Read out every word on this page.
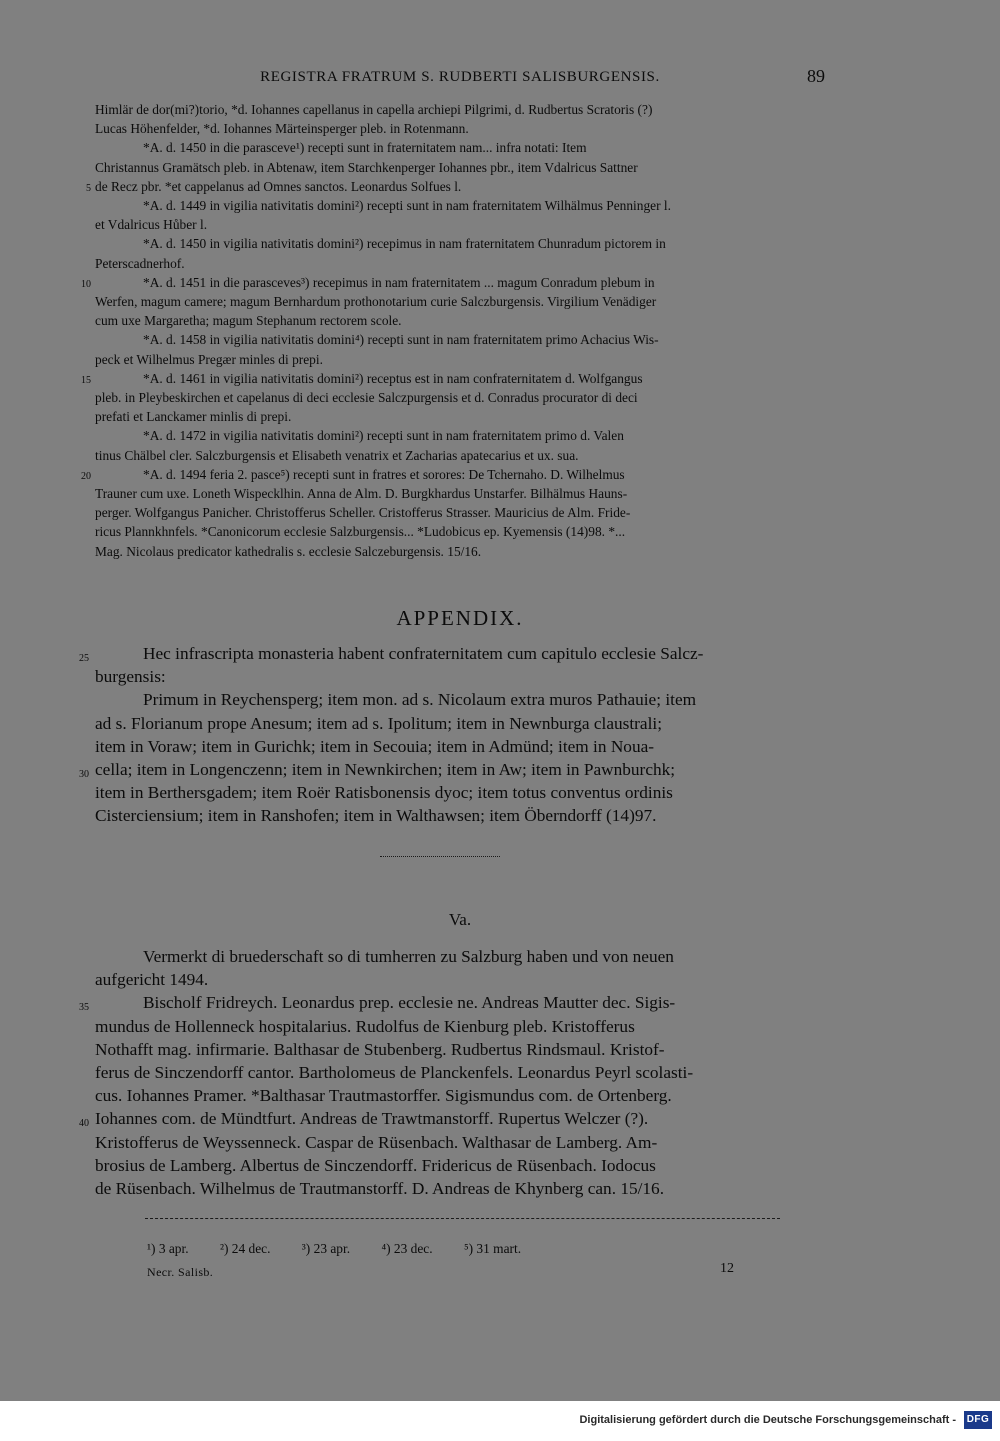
REGISTRA FRATRUM S. RUDBERTI SALISBURGENSIS.	89
Himlär de dor(mi?)torio, *d. Iohannes capellanus in capella archiepi Pilgrimi, d. Rudbertus Scratoris (?)
Lucas Höhenfelder, *d. Iohannes Märteinsperger pleb. in Rotenmann.
*A. d. 1450 in die parasceve¹) recepti sunt in fraternitatem nam... infra notati: Item
Christannus Gramätsch pleb. in Abtenaw, item Starchkenperger Iohannes pbr., item Vdalricus Sattner
5 de Recz pbr. *et cappelanus ad Omnes sanctos. Leonardus Solfues l.
*A. d. 1449 in vigilia nativitatis domini²) recepti sunt in nam fraternitatem Wilhälmus Penninger l.
et Vdalricus Hůber l.
*A. d. 1450 in vigilia nativitatis domini²) recepimus in nam fraternitatem Chunradum pictorem in
Peterscadnerhof.
10	*A. d. 1451 in die parasceves³) recepimus in nam fraternitatem ... magum Conradum plebum in
Werfen, magum camere; magum Bernhardum prothonotarium curie Salczburgensis. Virgilium Venädiger
cum uxe Margaretha; magum Stephanum rectorem scole.
*A. d. 1458 in vigilia nativitatis domini⁴) recepti sunt in nam fraternitatem primo Achacius Wis-
peck et Wilhelmus Pregær minles di prepi.
15	*A. d. 1461 in vigilia nativitatis domini²) receptus est in nam confraternitatem d. Wolfgangus
pleb. in Pleybeskirchen et capelanus di deci ecclesie Salczpurgensis et d. Conradus procurator di deci
prefati et Lanckamer minlis di prepi.
*A. d. 1472 in vigilia nativitatis domini²) recepti sunt in nam fraternitatem primo d. Valen
tinus Chälbel cler. Salczburgensis et Elisabeth venatrix et Zacharias apatecarius et ux. sua.
20	*A. d. 1494 feria 2. pasce⁵) recepti sunt in fratres et sorores: De Tchernaho. D. Wilhelmus
Trauner cum uxe. Loneth Wispecklhin. Anna de Alm. D. Burgkhardus Unstarfer. Bilhälmus Hauns-
perger. Wolfgangus Panicher. Christofferus Scheller. Cristofferus Strasser. Mauricius de Alm. Fride-
ricus Plannkhnfels. *Canonicorum ecclesie Salzburgensis... *Ludobicus ep. Kyemensis (14)98. *...
Mag. Nicolaus predicator kathedralis s. ecclesie Salczeburgensis. 15/16.
APPENDIX.
25	Hec infrascripta monasteria habent confraternitatem cum capitulo ecclesie Salcz-
burgensis:
Primum in Reychensperg; item mon. ad s. Nicolaum extra muros Pathauie; item
ad s. Florianum prope Anesum; item ad s. Ipolitum; item in Newnburga claustrali;
item in Voraw; item in Gurichk; item in Secouia; item in Admünd; item in Noua-
30 cella; item in Longenczenn; item in Newnkirchen; item in Aw; item in Pawnburchk;
item in Berthersgadem; item Roër Ratisbonensis dyoc; item totus conventus ordinis
Cisterciensium; item in Ranshofen; item in Walthawsen; item Öberndorff (14)97.
Va.
Vermerkt di bruederschaft so di tumherren zu Salzburg haben und von neuen
aufgericht 1494.
35	Bischolf Fridreych. Leonardus prep. ecclesie ne. Andreas Mautter dec. Sigis-
mundus de Hollenneck hospitalarius. Rudolfus de Kienburg pleb. Kristofferus
Nothafft mag. infirmarie. Balthasar de Stubenberg. Rudbertus Rindsmaul. Kristof-
ferus de Sinczendorff cantor. Bartholomeus de Planckenfels. Leonardus Peyrl scolasti-
cus. Iohannes Pramer. *Balthasar Trautmastorffer. Sigismundus com. de Ortenberg.
40 Iohannes com. de Mündtfurt. Andreas de Trawtmanstorff. Rupertus Welczer (?).
Kristofferus de Weyssenneck. Caspar de Rüsenbach. Walthasar de Lamberg. Am-
brosius de Lamberg. Albertus de Sinczendorff. Fridericus de Rüsenbach. Iodocus
de Rüsenbach. Wilhelmus de Trautmanstorff. D. Andreas de Khynberg can. 15/16.
¹) 3 apr. ²) 24 dec. ³) 23 apr. ⁴) 23 dec. ⁵) 31 mart.
Necr. Salisb.	12
Digitalisierung gefördert durch die Deutsche Forschungsgemeinschaft - DFG
